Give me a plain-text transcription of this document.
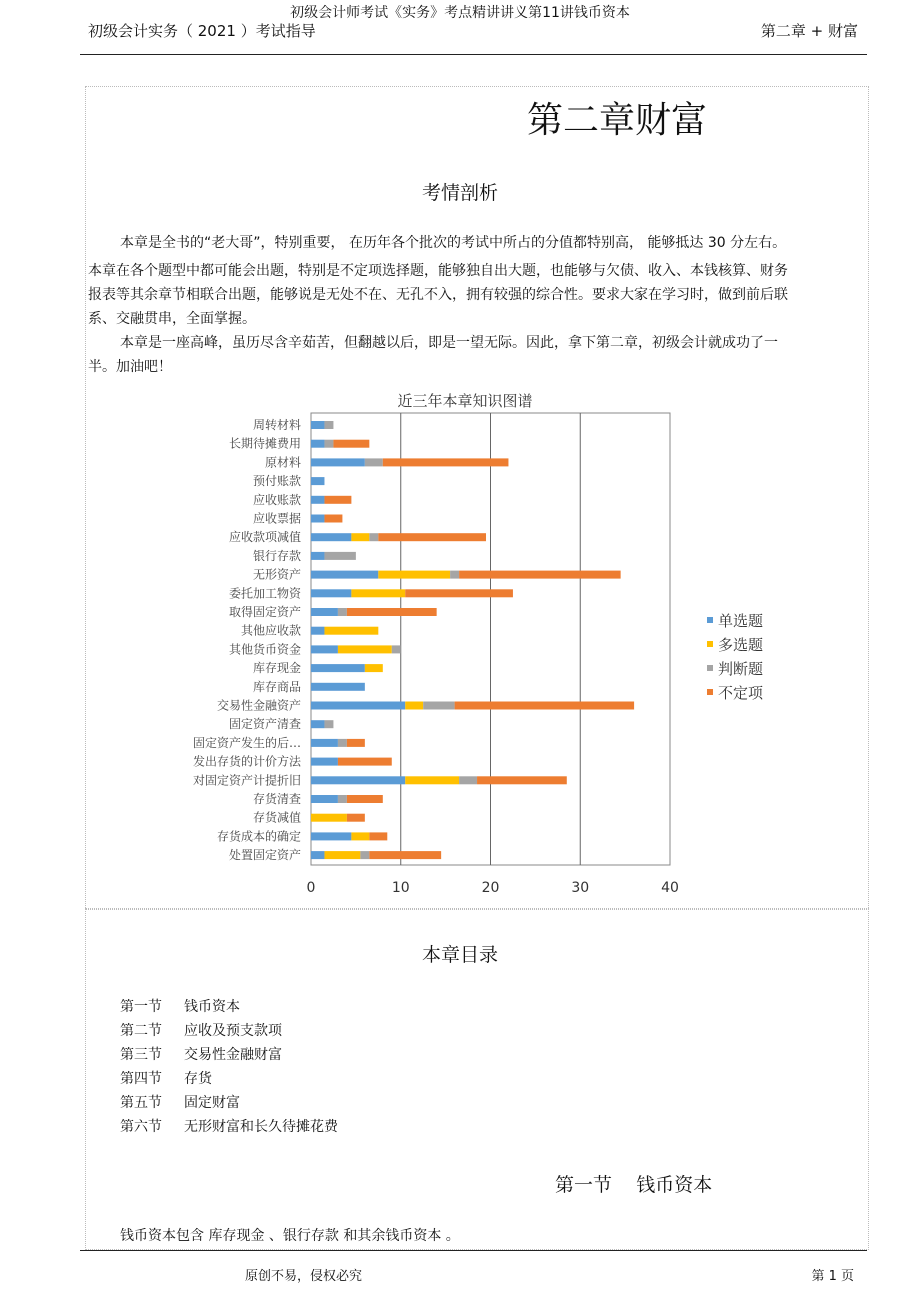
初级会计师考试《实务》考点精讲讲义第11讲钱币资本
初级会计实务（ 2021 ）考试指导	第二章 + 财富
第二章财富
考情剖析
本章是全书的“老大哥”，特别重要， 在历年各个批次的考试中所占的分值都特别高， 能够抵达 30 分左右。
本章在各个题型中都可能会出题，特别是不定项选择题，能够独自出大题，也能够与欠债、收入、本钱核算、财务报表等其余章节相联合出题，能够说是无处不在、无孔不入，拥有较强的综合性。要求大家在学习时，做到前后联系、交融贯串，全面掌握。
本章是一座高峰，虽历尽含辛茹苦，但翻越以后，即是一望无际。因此，拿下第二章，初级会计就成功了一半。加油吧！
近三年本章知识图谱
0	10	20	30	40
周转材料
长期待摊费用
原材料
预付账款
应收账款
应收票据
应收款项减值
银行存款
无形资产
委托加工物资
取得固定资产
其他应收款
其他货币资金
库存现金
库存商品
交易性金融资产
固定资产清查
固定资产发生的后…
发出存货的计价方法
对固定资产计提折旧
存货清查
存货减值
存货成本的确定
处置固定资产
单选题
多选题
判断题
不定项
本章目录
第一节 钱币资本
第二节 应收及预支款项
第三节 交易性金融财富
第四节 存货
第五节 固定财富
第六节 无形财富和长久待摊花费
第一节 钱币资本
钱币资本包含 库存现金 、银行存款 和其余钱币资本 。
原创不易，侵权必究	第 1 页
